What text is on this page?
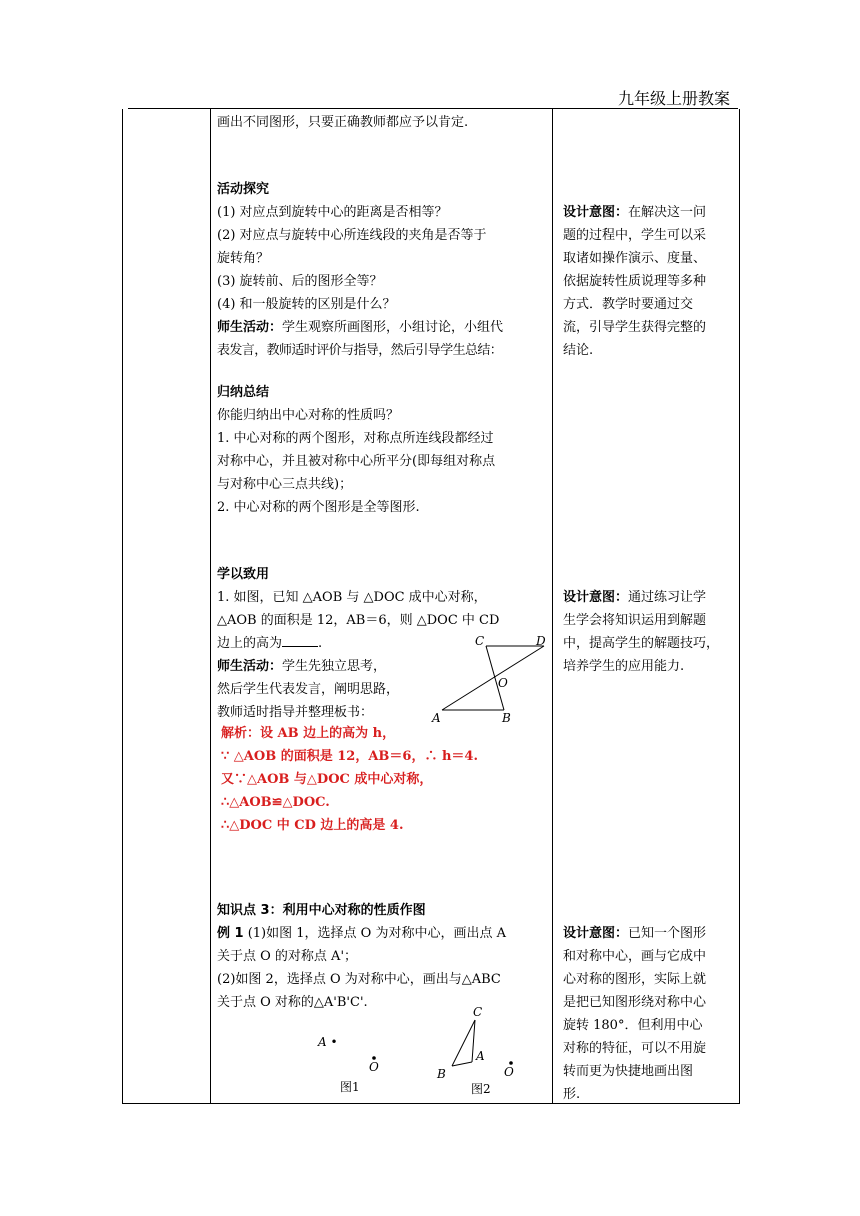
九年级上册教案

画出不同图形，只要正确教师都应予以肯定.

活动探究
(1) 对应点到旋转中心的距离是否相等？
(2) 对应点与旋转中心所连线段的夹角是否等于
旋转角？
(3) 旋转前、后的图形全等？
(4) 和一般旋转的区别是什么？
师生活动：学生观察所画图形，小组讨论，小组代
表发言，教师适时评价与指导，然后引导学生总结：
归纳总结
你能归纳出中心对称的性质吗？
1. 中心对称的两个图形，对称点所连线段都经过
对称中心，并且被对称中心所平分(即每组对称点
与对称中心三点共线)；
2. 中心对称的两个图形是全等图形.
学以致用
1. 如图，已知 △AOB 与 △DOC 成中心对称，
△AOB 的面积是 12，AB＝6，则 △DOC 中 CD
边上的高为	.
师生活动：学生先独立思考，
然后学生代表发言，阐明思路，
教师适时指导并整理板书：
C	D
O
A	B
解析：设 AB 边上的高为 h，
∵ △AOB 的面积是 12，AB＝6，∴ h＝4.
又∵△AOB 与△DOC 成中心对称，
∴△AOB≌△DOC.
∴△DOC 中 CD 边上的高是 4.
知识点 3：利用中心对称的性质作图
例 1 (1)如图 1，选择点 O 为对称中心，画出点 A
关于点 O 的对称点 A'；
(2)如图 2，选择点 O 为对称中心，画出与△ABC
关于点 O 对称的△A'B'C'.
A •
O
图1
C
A
B	O
图2
设计意图：在解决这一问
题的过程中，学生可以采
取诸如操作演示、度量、
依据旋转性质说理等多种
方式．教学时要通过交
流，引导学生获得完整的
结论.
设计意图：通过练习让学
生学会将知识运用到解题
中，提高学生的解题技巧，
培养学生的应用能力.
设计意图：已知一个图形
和对称中心，画与它成中
心对称的图形，实际上就
是把已知图形绕对称中心
旋转 180°．但利用中心
对称的特征，可以不用旋
转而更为快捷地画出图
形.
